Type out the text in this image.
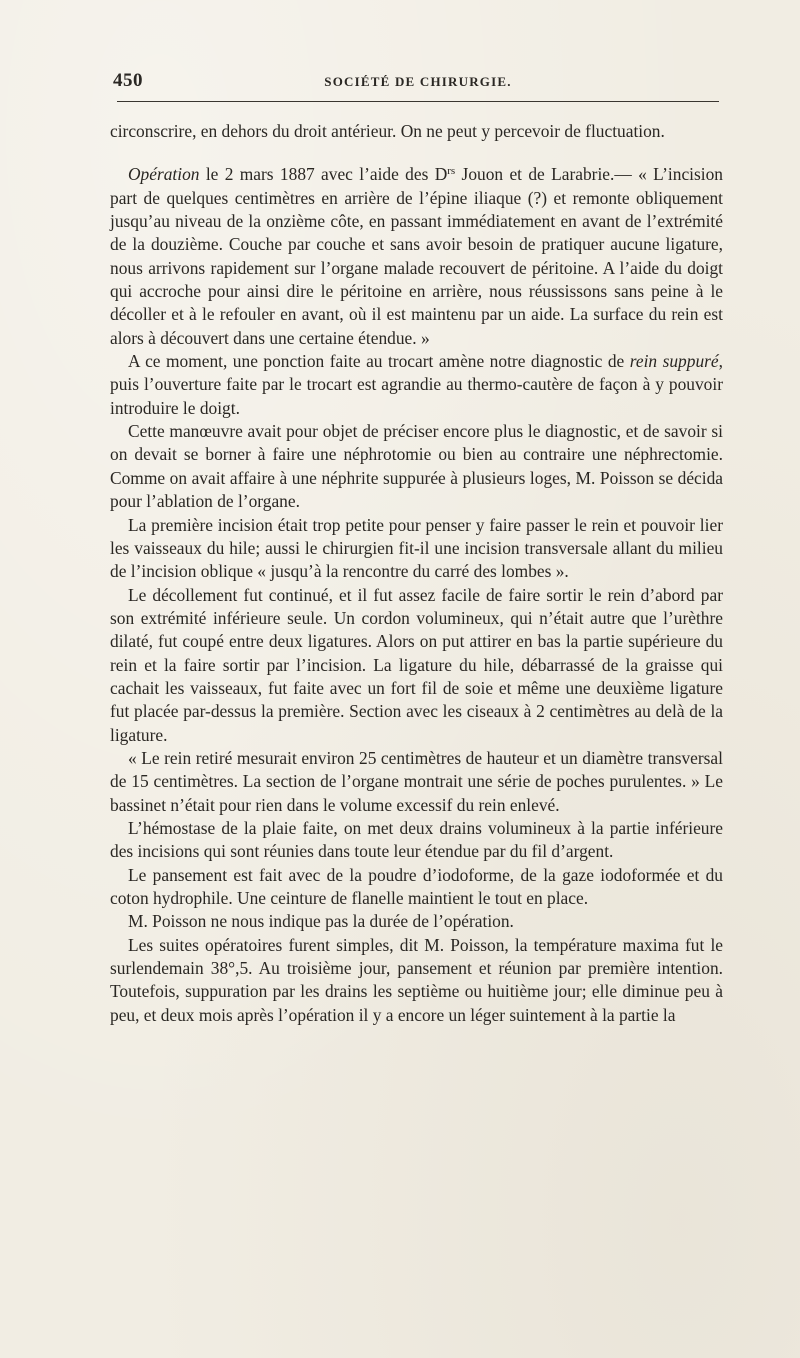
450	SOCIÉTÉ DE CHIRURGIE.

circonscrire, en dehors du droit antérieur. On ne peut y percevoir de fluctuation.

Opération le 2 mars 1887 avec l’aide des $D^{rs}$ Jouon et de Larabrie.— « L’incision part de quelques centimètres en arrière de l’épine iliaque (?) et remonte obliquement jusqu’au niveau de la onzième côte, en passant immédiatement en avant de l’extrémité de la douzième. Couche par couche et sans avoir besoin de pratiquer aucune ligature, nous arrivons rapidement sur l’organe malade recouvert de péritoine. A l’aide du doigt qui accroche pour ainsi dire le péritoine en arrière, nous réussissons sans peine à le décoller et à le refouler en avant, où il est maintenu par un aide. La surface du rein est alors à découvert dans une certaine étendue. »

A ce moment, une ponction faite au trocart amène notre diagnostic de rein suppuré, puis l’ouverture faite par le trocart est agrandie au thermo-cautère de façon à y pouvoir introduire le doigt.

Cette manœuvre avait pour objet de préciser encore plus le diagnostic, et de savoir si on devait se borner à faire une néphrotomie ou bien au contraire une néphrectomie. Comme on avait affaire à une néphrite suppurée à plusieurs loges, M. Poisson se décida pour l’ablation de l’organe.

La première incision était trop petite pour penser y faire passer le rein et pouvoir lier les vaisseaux du hile; aussi le chirurgien fit-il une incision transversale allant du milieu de l’incision oblique « jusqu’à la rencontre du carré des lombes ».

Le décollement fut continué, et il fut assez facile de faire sortir le rein d’abord par son extrémité inférieure seule. Un cordon volumineux, qui n’était autre que l’urèthre dilaté, fut coupé entre deux ligatures. Alors on put attirer en bas la partie supérieure du rein et la faire sortir par l’incision. La ligature du hile, débarrassé de la graisse qui cachait les vaisseaux, fut faite avec un fort fil de soie et même une deuxième ligature fut placée par-dessus la première. Section avec les ciseaux à 2 centimètres au delà de la ligature.

« Le rein retiré mesurait environ 25 centimètres de hauteur et un diamètre transversal de 15 centimètres. La section de l’organe montrait une série de poches purulentes. » Le bassinet n’était pour rien dans le volume excessif du rein enlevé.

L’hémostase de la plaie faite, on met deux drains volumineux à la partie inférieure des incisions qui sont réunies dans toute leur étendue par du fil d’argent.

Le pansement est fait avec de la poudre d’iodoforme, de la gaze iodoformée et du coton hydrophile. Une ceinture de flanelle maintient le tout en place.

M. Poisson ne nous indique pas la durée de l’opération.

Les suites opératoires furent simples, dit M. Poisson, la température maxima fut le surlendemain 38°,5. Au troisième jour, pansement et réunion par première intention. Toutefois, suppuration par les drains les septième ou huitième jour; elle diminue peu à peu, et deux mois après l’opération il y a encore un léger suintement à la partie la
